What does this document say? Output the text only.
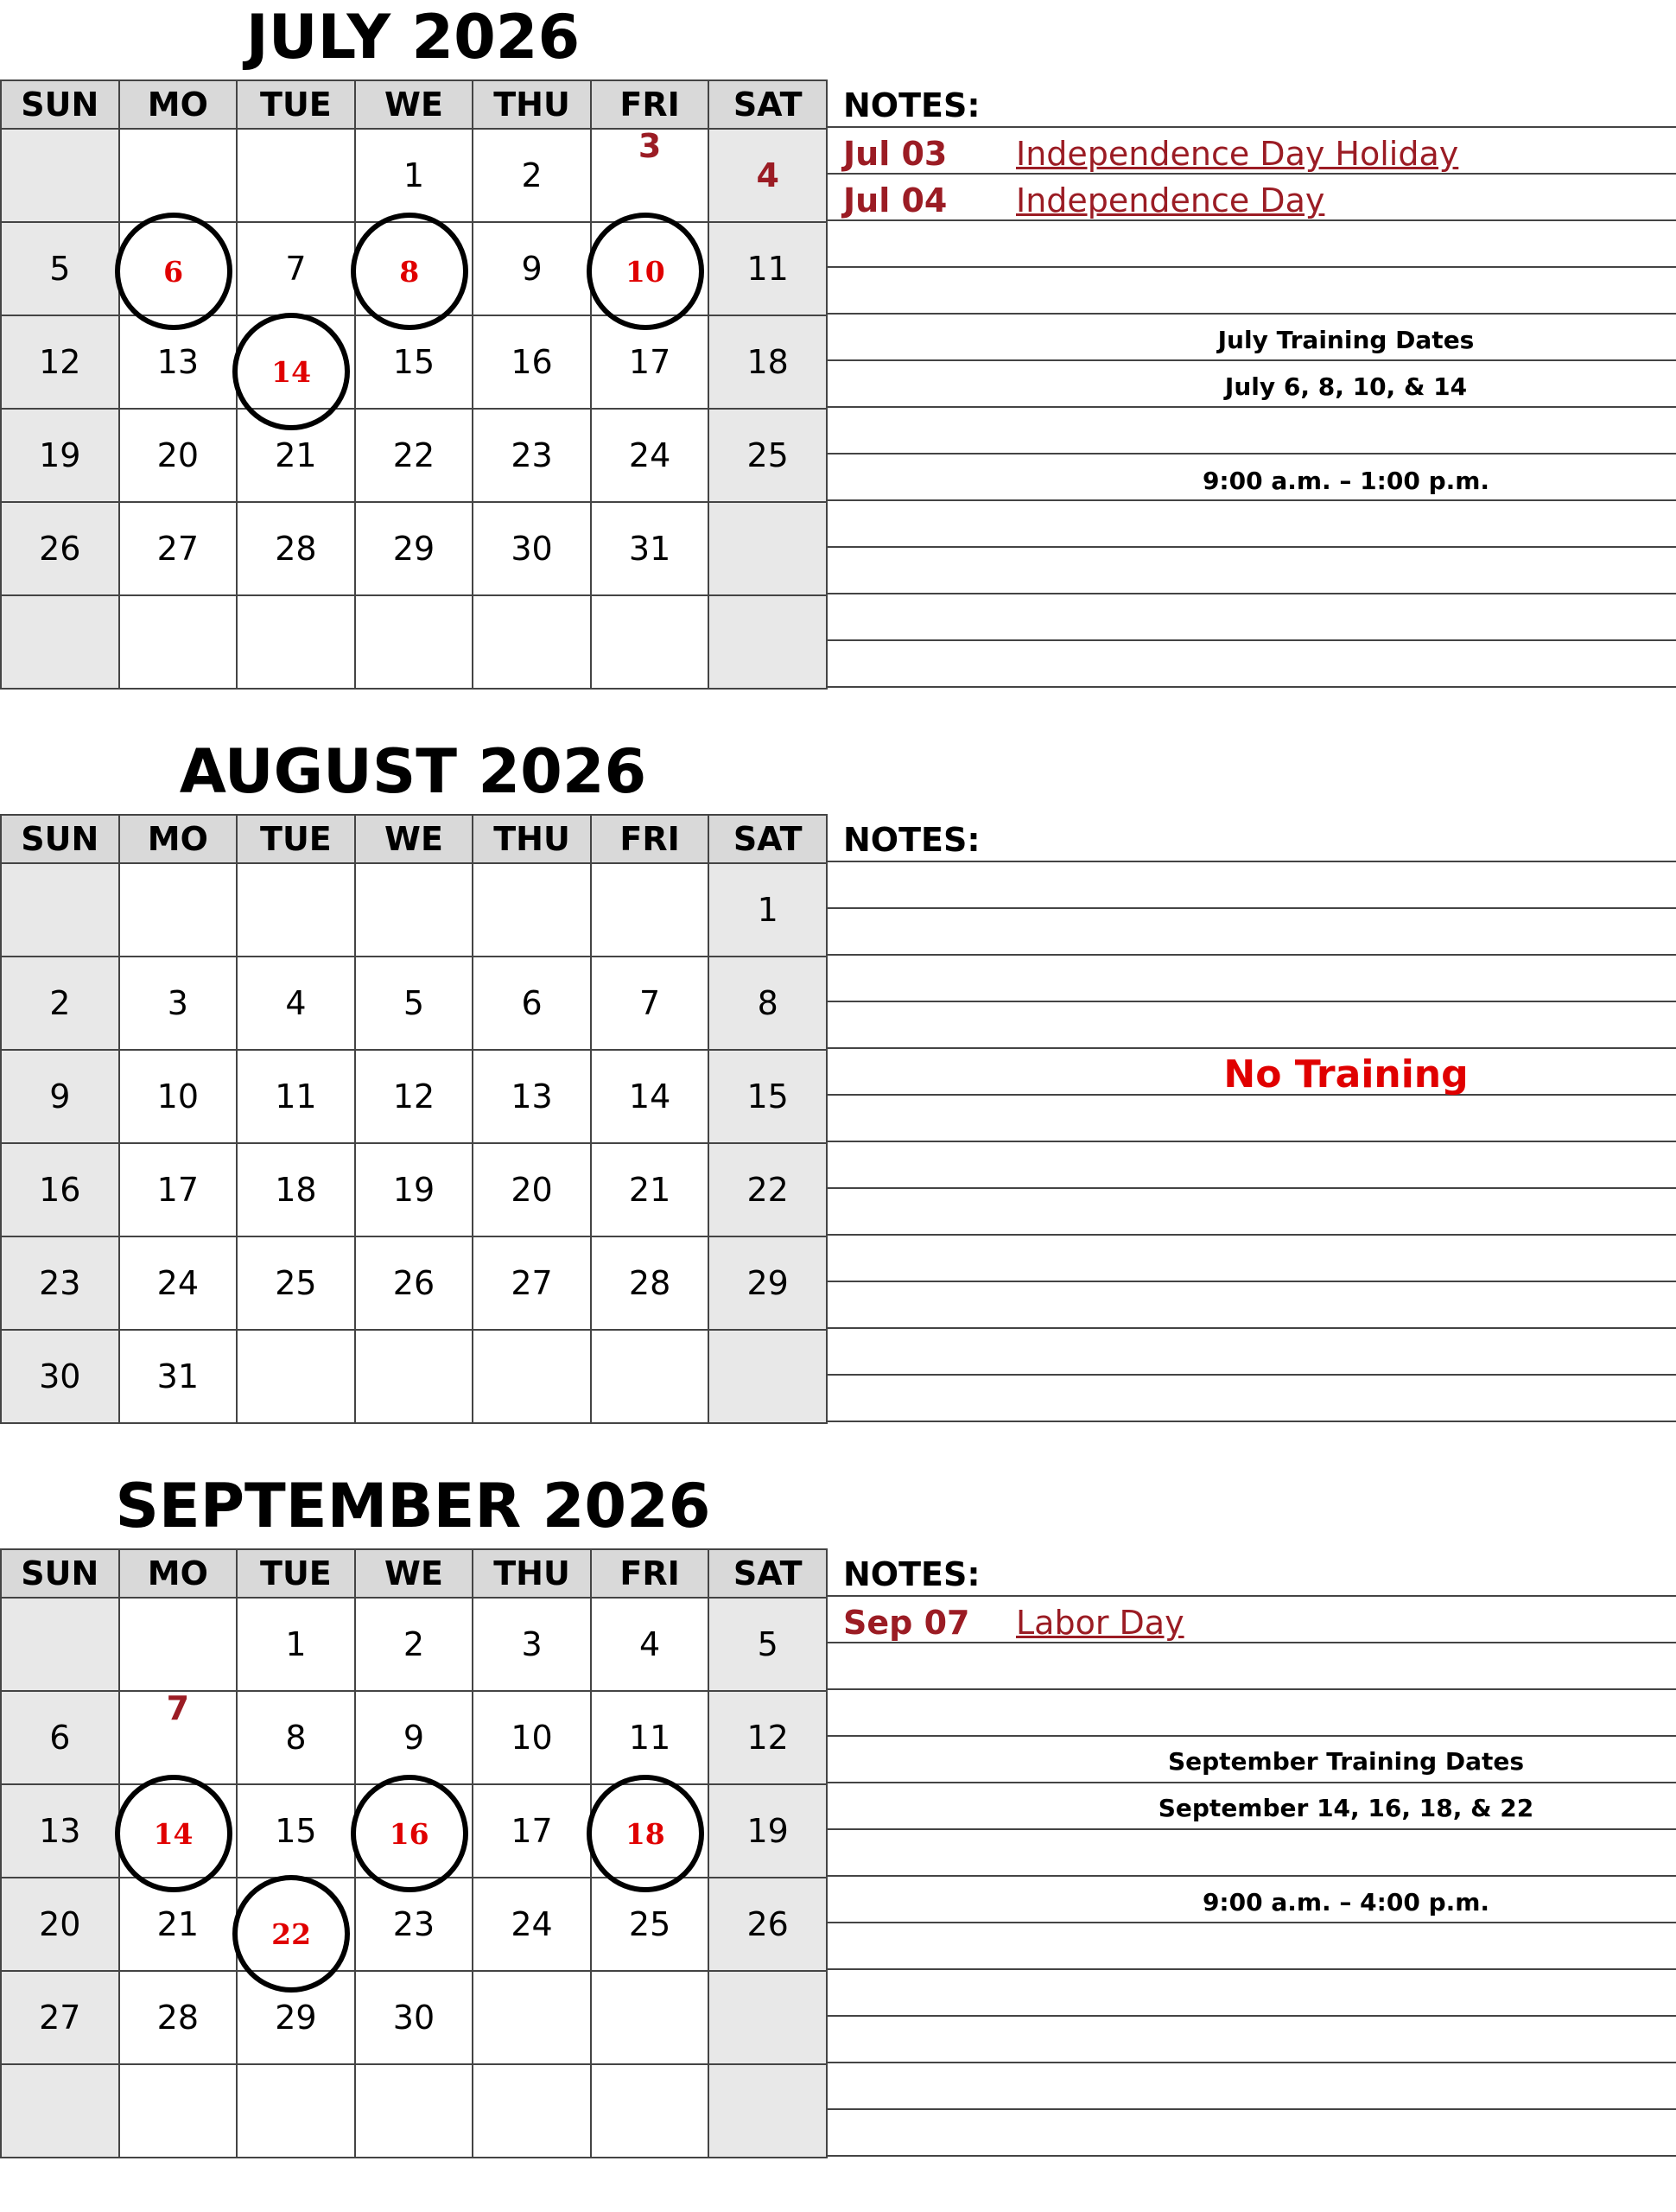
JULY 2026
SUN	MO	TUE	WE	THU	FRI	SAT
			1	2	3	4
5	6	7	8	9	10	11
12	13	14	15	16	17	18
19	20	21	22	23	24	25
26	27	28	29	30	31	

NOTES:
Jul 03 Independence Day Holiday
Jul 04 Independence Day
July Training Dates
July 6, 8, 10, & 14
9:00 a.m. – 1:00 p.m.
AUGUST 2026
SUN	MO	TUE	WE	THU	FRI	SAT
						1
2	3	4	5	6	7	8
9	10	11	12	13	14	15
16	17	18	19	20	21	22
23	24	25	26	27	28	29
30	31					
NOTES:
No Training
SEPTEMBER 2026
SUN	MO	TUE	WE	THU	FRI	SAT
		1	2	3	4	5
6	7	8	9	10	11	12
13	14	15	16	17	18	19
20	21	22	23	24	25	26
27	28	29	30			

NOTES:
Sep 07 Labor Day
September Training Dates
September 14, 16, 18, & 22
9:00 a.m. – 4:00 p.m.
